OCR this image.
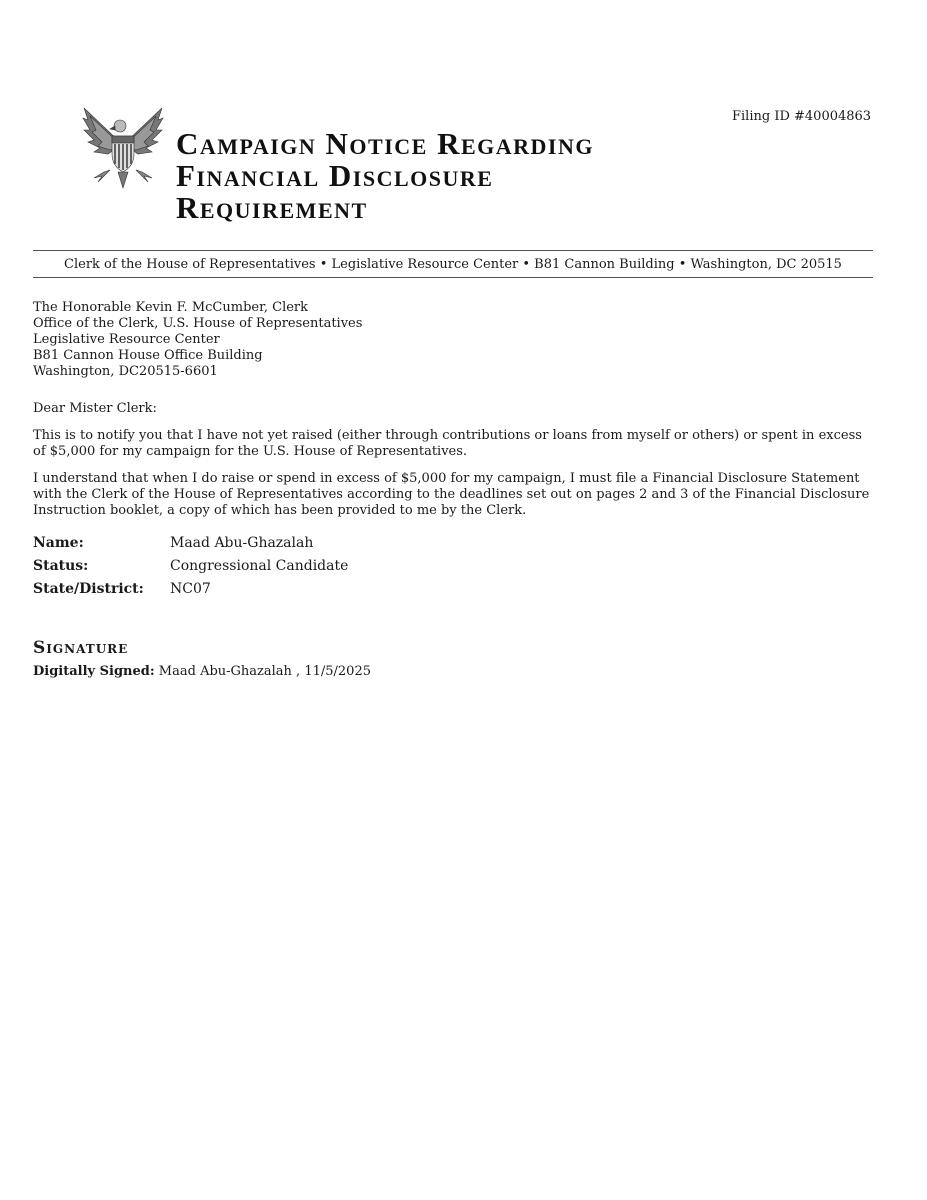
Filing ID #40004863
Campaign Notice Regarding
Financial Disclosure
Requirement
Clerk of the House of Representatives • Legislative Resource Center • B81 Cannon Building • Washington, DC 20515
The Honorable Kevin F. McCumber, Clerk
Office of the Clerk, U.S. House of Representatives
Legislative Resource Center
B81 Cannon House Office Building
Washington, DC20515-6601

Dear Mister Clerk:

This is to notify you that I have not yet raised (either through contributions or loans from myself or others) or spent in excess of $5,000 for my campaign for the U.S. House of Representatives.

I understand that when I do raise or spend in excess of $5,000 for my campaign, I must file a Financial Disclosure Statement with the Clerk of the House of Representatives according to the deadlines set out on pages 2 and 3 of the Financial Disclosure Instruction booklet, a copy of which has been provided to me by the Clerk.

Name:	Maad Abu-Ghazalah
Status:	Congressional Candidate
State/District:	NC07
Signature
Digitally Signed: Maad Abu-Ghazalah , 11/5/2025
